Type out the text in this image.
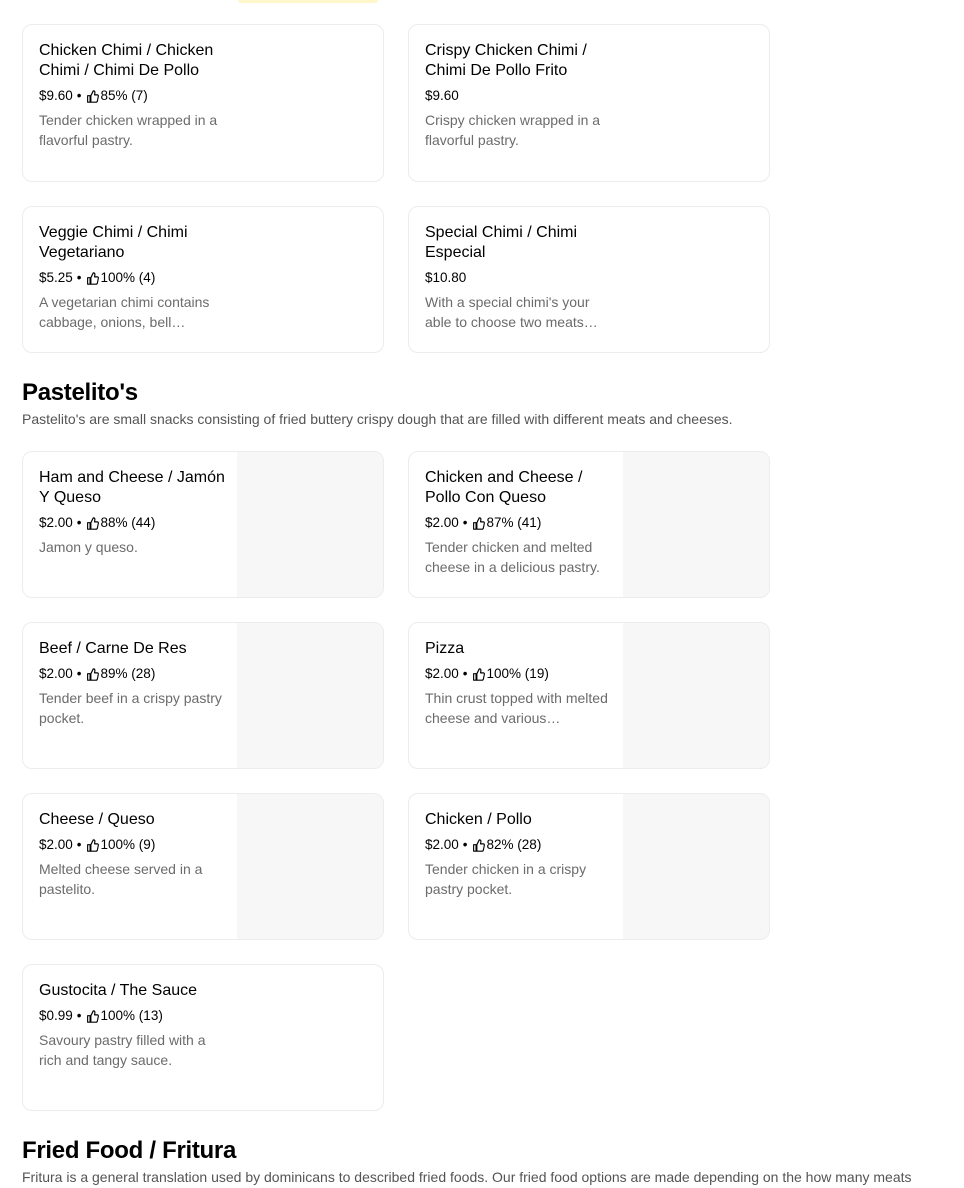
Chicken Chimi / Chicken Chimi / Chimi De Pollo
$9.60 • 85% (7)
Tender chicken wrapped in a flavorful pastry.
Crispy Chicken Chimi / Chimi De Pollo Frito
$9.60
Crispy chicken wrapped in a flavorful pastry.
Veggie Chimi / Chimi Vegetariano
$5.25 • 100% (4)
A vegetarian chimi contains cabbage, onions, bell…
Special Chimi / Chimi Especial
$10.80
With a special chimi's your able to choose two meats…
Pastelito's

Pastelito's are small snacks consisting of fried buttery crispy dough that are filled with different meats and cheeses.

Ham and Cheese / Jamón Y Queso
$2.00 • 88% (44)
Jamon y queso.
Chicken and Cheese / Pollo Con Queso
$2.00 • 87% (41)
Tender chicken and melted cheese in a delicious pastry.
Beef / Carne De Res
$2.00 • 89% (28)
Tender beef in a crispy pastry pocket.
Pizza
$2.00 • 100% (19)
Thin crust topped with melted cheese and various…
Cheese / Queso
$2.00 • 100% (9)
Melted cheese served in a pastelito.
Chicken / Pollo
$2.00 • 82% (28)
Tender chicken in a crispy pastry pocket.
Gustocita / The Sauce
$0.99 • 100% (13)
Savoury pastry filled with a rich and tangy sauce.
Fried Food / Fritura

Fritura is a general translation used by dominicans to described fried foods. Our fried food options are made depending on the how many meats
